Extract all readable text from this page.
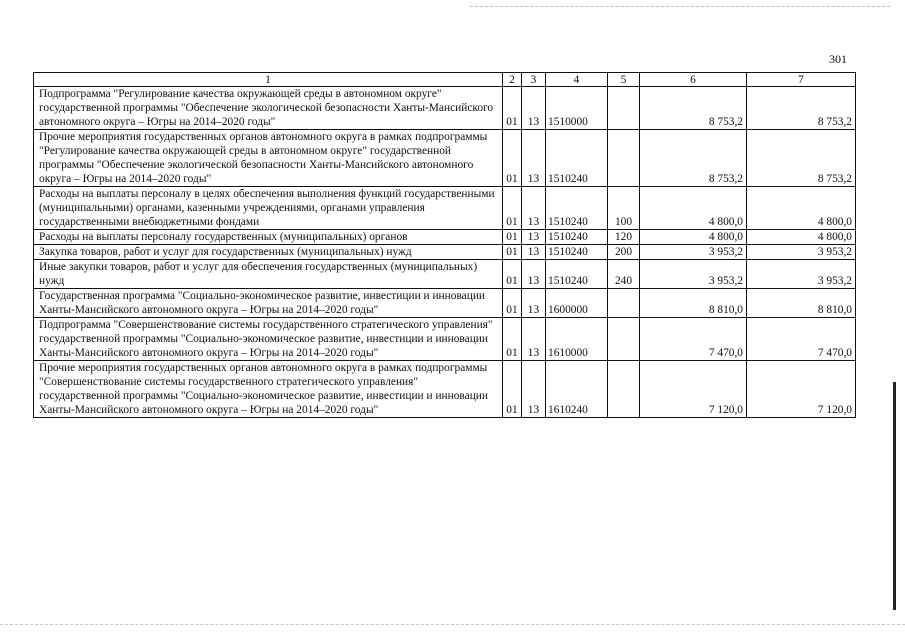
301
1	2	3	4	5	6	7
Подпрограмма "Регулирование качества окружающей среды в автономном округе" государственной программы "Обеспечение экологической безопасности Ханты-Мансийского автономного округа – Югры на 2014–2020 годы"	01	13	1510000		8 753,2	8 753,2
Прочие мероприятия государственных органов автономного округа в рамках подпрограммы "Регулирование качества окружающей среды в автономном округе" государственной программы "Обеспечение экологической безопасности Ханты-Мансийского автономного округа – Югры на 2014–2020 годы"	01	13	1510240		8 753,2	8 753,2
Расходы на выплаты персоналу в целях обеспечения выполнения функций государственными (муниципальными) органами, казенными учреждениями, органами управления государственными внебюджетными фондами	01	13	1510240	100	4 800,0	4 800,0
Расходы на выплаты персоналу государственных (муниципальных) органов	01	13	1510240	120	4 800,0	4 800,0
Закупка товаров, работ и услуг для государственных (муниципальных) нужд	01	13	1510240	200	3 953,2	3 953,2
Иные закупки товаров, работ и услуг для обеспечения государственных (муниципальных) нужд	01	13	1510240	240	3 953,2	3 953,2
Государственная программа "Социально-экономическое развитие, инвестиции и инновации Ханты-Мансийского автономного округа – Югры на 2014–2020 годы"	01	13	1600000		8 810,0	8 810,0
Подпрограмма "Совершенствование системы государственного стратегического управления" государственной программы "Социально-экономическое развитие, инвестиции и инновации Ханты-Мансийского автономного округа – Югры на 2014–2020 годы"	01	13	1610000		7 470,0	7 470,0
Прочие мероприятия государственных органов автономного округа в рамках подпрограммы "Совершенствование системы государственного стратегического управления" государственной программы "Социально-экономическое развитие, инвестиции и инновации Ханты-Мансийского автономного округа – Югры на 2014–2020 годы"	01	13	1610240		7 120,0	7 120,0
